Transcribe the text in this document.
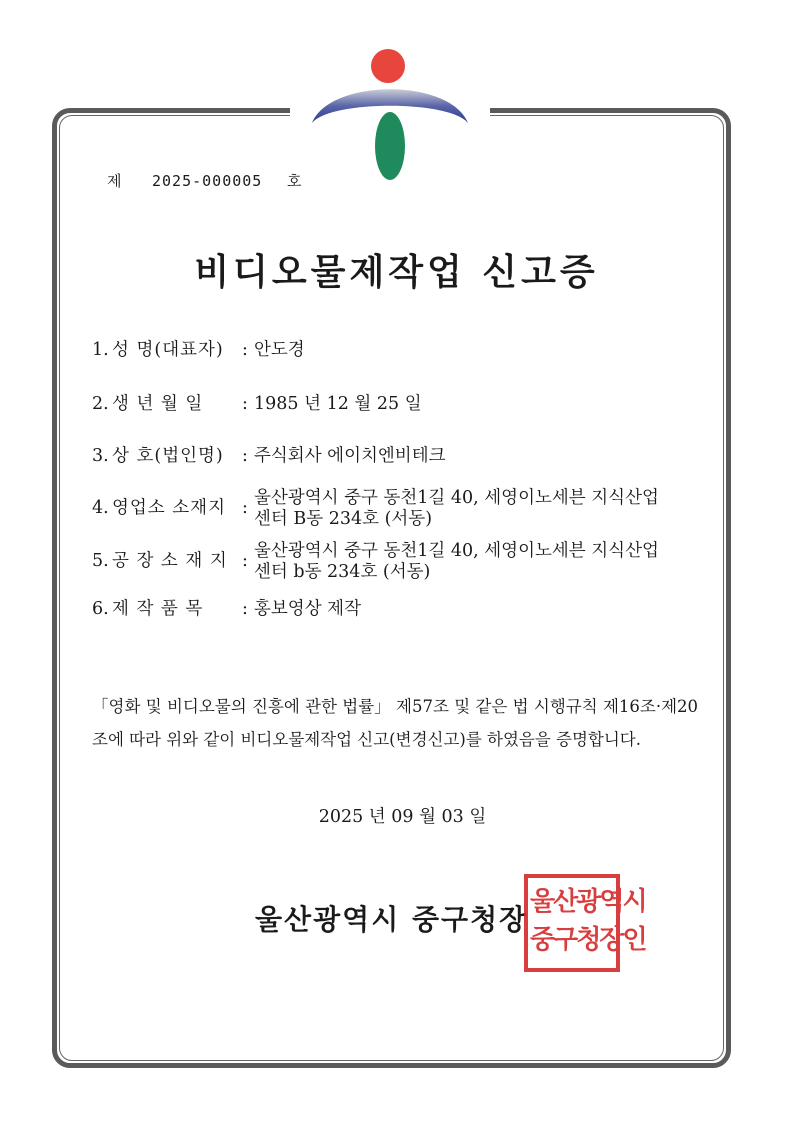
제 2025-000005 호
비디오물제작업 신고증
1. 성 명(대표자) : 안도경
2. 생 년 월 일 : 1985 년 12 월 25 일
3. 상 호(법인명) : 주식회사 에이치엔비테크
4. 영업소 소재지 : 울산광역시 중구 동천1길 40, 세영이노세븐 지식산업
센터 B동 234호 (서동)
5. 공 장 소 재 지 : 울산광역시 중구 동천1길 40, 세영이노세븐 지식산업
센터 b동 234호 (서동)
6. 제 작 품 목 : 홍보영상 제작
「영화 및 비디오물의 진흥에 관한 법률」 제57조 및 같은 법 시행규칙 제16조·제20조에 따라 위와 같이 비디오물제작업 신고(변경신고)를 하였음을 증명합니다.
2025 년 09 월 03 일
울산광역시 중구청장
울산광역시
중구청장인
